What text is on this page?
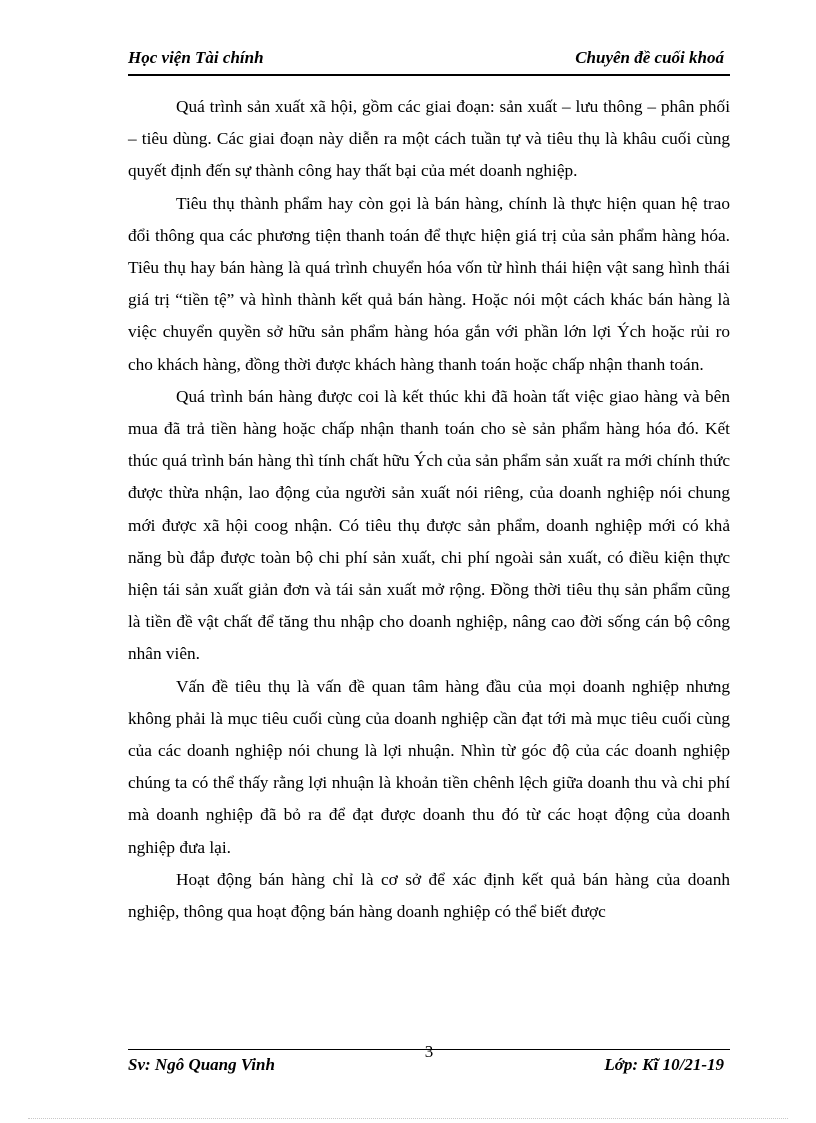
Học viện Tài chính	Chuyên đề cuối khoá

Quá trình sản xuất xã hội, gồm các giai đoạn: sản xuất – lưu thông – phân phối – tiêu dùng. Các giai đoạn này diễn ra một cách tuần tự và tiêu thụ là khâu cuối cùng quyết định đến sự thành công hay thất bại của mét doanh nghiệp.

Tiêu thụ thành phẩm hay còn gọi là bán hàng, chính là thực hiện quan hệ trao đổi thông qua các phương tiện thanh toán để thực hiện giá trị của sản phẩm hàng hóa. Tiêu thụ hay bán hàng là quá trình chuyển hóa vốn từ hình thái hiện vật sang hình thái giá trị “tiền tệ” và hình thành kết quả bán hàng. Hoặc nói một cách khác bán hàng là việc chuyển quyền sở hữu sản phẩm hàng hóa gắn với phần lớn lợi Ých hoặc rủi ro cho khách hàng, đồng thời được khách hàng thanh toán hoặc chấp nhận thanh toán.

Quá trình bán hàng được coi là kết thúc khi đã hoàn tất việc giao hàng và bên mua đã trả tiền hàng hoặc chấp nhận thanh toán cho sè sản phẩm hàng hóa đó. Kết thúc quá trình bán hàng thì tính chất hữu Ých của sản phẩm sản xuất ra mới chính thức được thừa nhận, lao động của người sản xuất nói riêng, của doanh nghiệp nói chung mới được xã hội coog nhận. Có tiêu thụ được sản phẩm, doanh nghiệp mới có khả năng bù đắp được toàn bộ chi phí sản xuất, chi phí ngoài sản xuất, có điều kiện thực hiện tái sản xuất giản đơn và tái sản xuất mở rộng. Đồng thời tiêu thụ sản phẩm cũng là tiền đề vật chất để tăng thu nhập cho doanh nghiệp, nâng cao đời sống cán bộ công nhân viên.

Vấn đề tiêu thụ là vấn đề quan tâm hàng đầu của mọi doanh nghiệp nhưng không phải là mục tiêu cuối cùng của doanh nghiệp cần đạt tới mà mục tiêu cuối cùng của các doanh nghiệp nói chung là lợi nhuận. Nhìn từ góc độ của các doanh nghiệp chúng ta có thể thấy rằng lợi nhuận là khoản tiền chênh lệch giữa doanh thu và chi phí mà doanh nghiệp đã bỏ ra để đạt được doanh thu đó từ các hoạt động của doanh nghiệp đưa lại.

Hoạt động bán hàng chỉ là cơ sở để xác định kết quả bán hàng của doanh nghiệp, thông qua hoạt động bán hàng doanh nghiệp có thể biết được

3
Sv: Ngô Quang Vinh	Lớp: Kĩ 10/21-19
